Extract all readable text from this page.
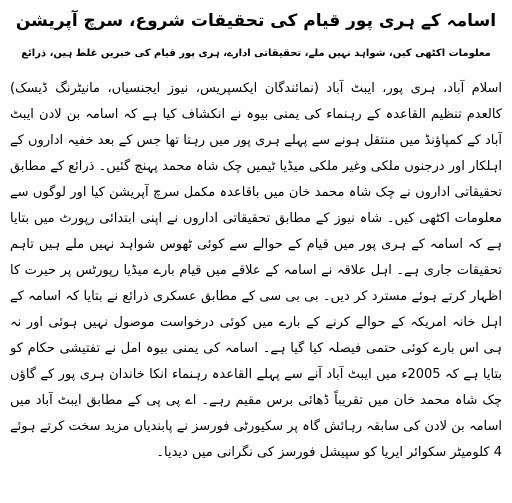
اسامہ کے ہری پور قیام کی تحقیقات شروع، سرچ آپریشن
معلومات اکٹھی کیں، شواہد نہیں ملے، تحقیقاتی ادارے، ہری پور قیام کی خبریں غلط ہیں، ذرائع

اسلام آباد، ہری پور، ایبٹ آباد (نمائندگان ایکسپریس، نیوز ایجنسیاں، مانیٹرنگ ڈیسک) کالعدم تنظیم القاعدہ کے رہنماء کی یمنی بیوہ نے انکشاف کیا ہے کہ اسامہ بن لادن ایبٹ آباد کے کمپاؤنڈ میں منتقل ہونے سے پہلے ہری پور میں رہتا تھا جس کے بعد خفیہ اداروں کے اہلکار اور درجنوں ملکی وغیر ملکی میڈیا ٹیمیں چک شاہ محمد پہنچ گئیں۔ ذرائع کے مطابق تحقیقاتی اداروں نے چک شاہ محمد خان میں باقاعدہ مکمل سرچ آپریشن کیا اور لوگوں سے معلومات اکٹھی کیں۔ شاہ نیوز کے مطابق تحقیقاتی اداروں نے اپنی ابتدائی رپورٹ میں بتایا ہے کہ اسامہ کے ہری پور میں قیام کے حوالے سے کوئی ٹھوس شواہد نہیں ملے ہیں تاہم تحقیقات جاری ہے۔ اہل علاقہ نے اسامہ کے علاقے میں قیام بارے میڈیا رپورٹس پر حیرت کا اظہار کرتے ہوئے مسترد کر دیں۔ بی بی سی کے مطابق عسکری ذرائع نے بتایا کہ اسامہ کے اہل خانہ امریکہ کے حوالے کرنے کے بارے میں کوئی درخواست موصول نہیں ہوئی اور نہ ہی اس بارے کوئی حتمی فیصلہ کیا گیا ہے۔ اسامہ کی یمنی بیوہ امل نے تفتیشی حکام کو بتایا ہے کہ 2005ء میں ایبٹ آباد آنے سے پہلے القاعدہ رہنماء انکا خاندان ہری پور کے گاؤں چک شاہ محمد خان میں تقریباً ڈھائی برس مقیم رہے۔ اے پی پی کے مطابق ایبٹ آباد میں اسامہ بن لادن کی سابقہ رہائش گاہ پر سکیورٹی فورسز نے پابندیاں مزید سخت کرتے ہوئے 4 کلومیٹر سکوائر ایریا کو سپیشل فورسز کی نگرانی میں دیدیا۔
